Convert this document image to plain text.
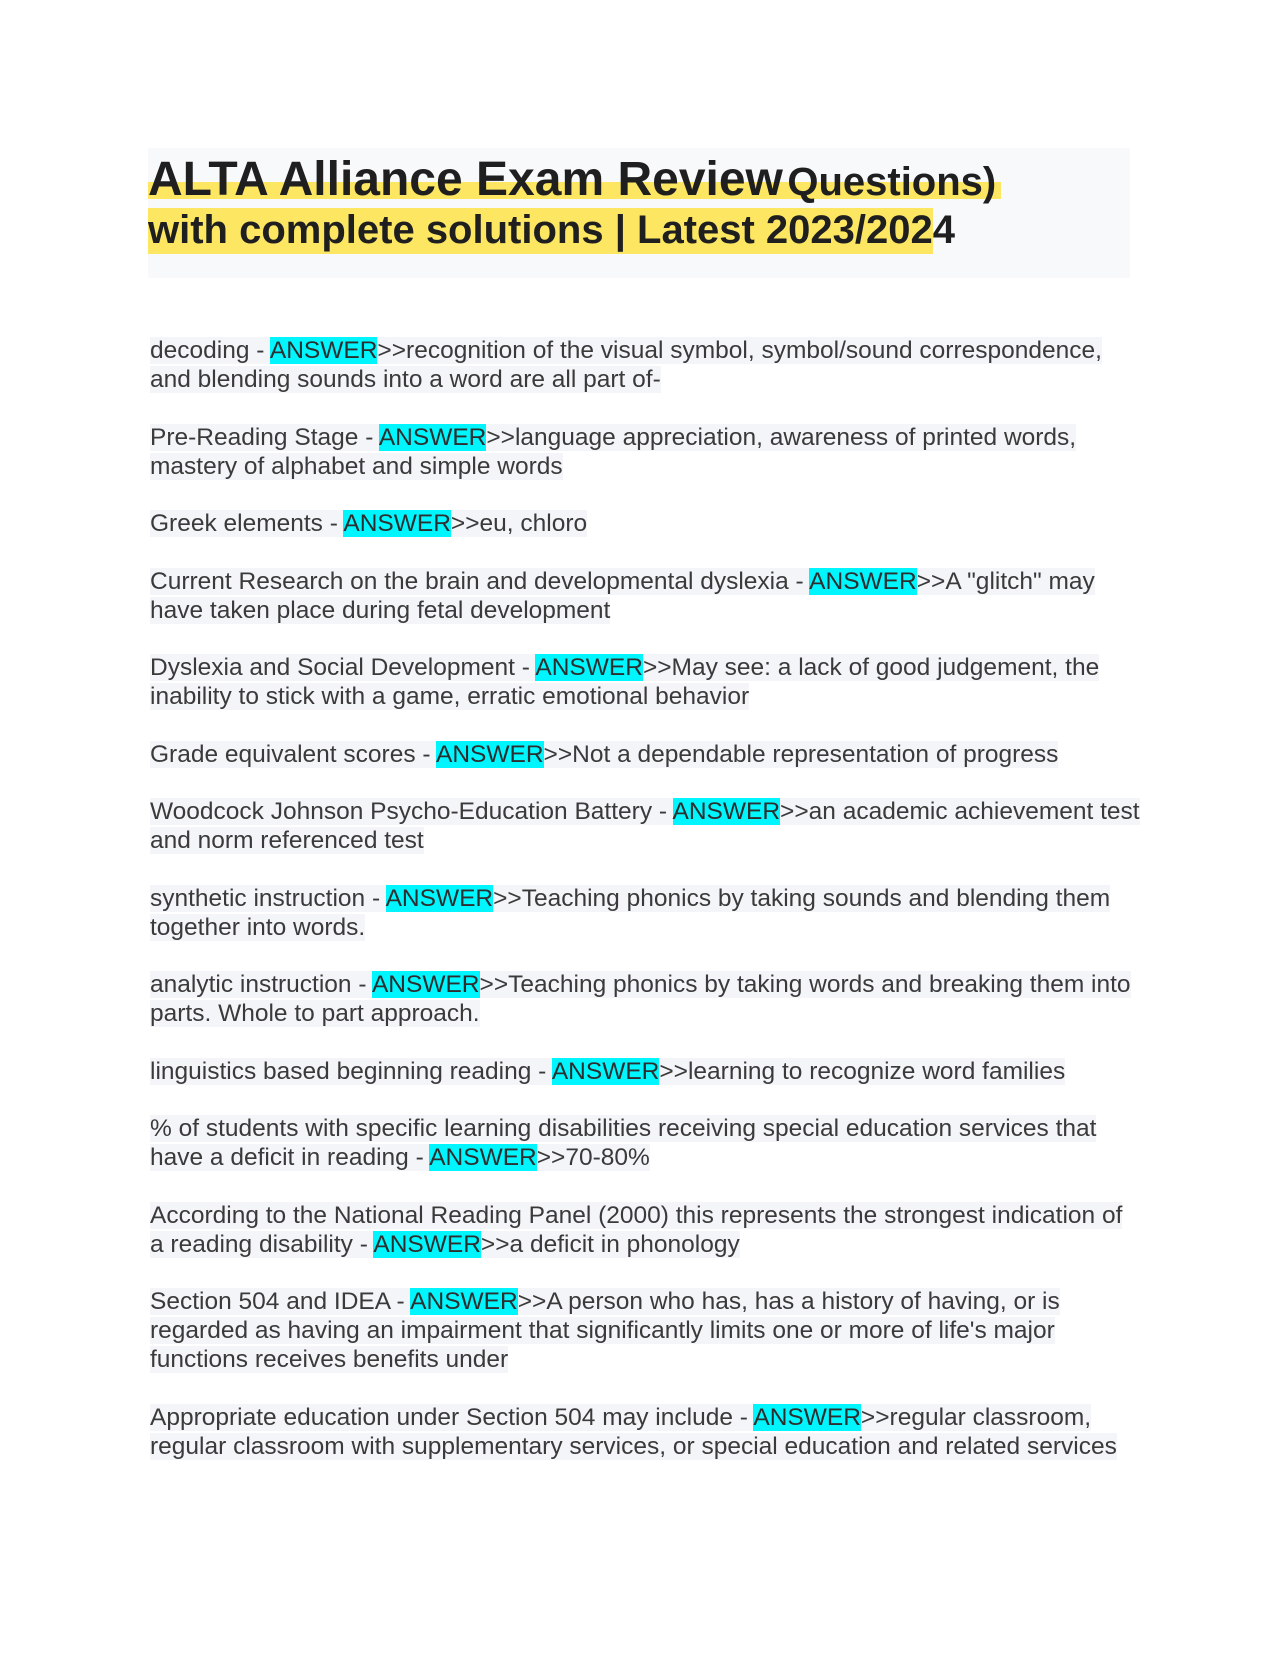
ALTA Alliance Exam Review Questions)
with complete solutions | Latest 2023/2024
decoding - ANSWER>>recognition of the visual symbol, symbol/sound correspondence, and blending sounds into a word are all part of-
Pre-Reading Stage - ANSWER>>language appreciation, awareness of printed words, mastery of alphabet and simple words
Greek elements - ANSWER>>eu, chloro
Current Research on the brain and developmental dyslexia - ANSWER>>A "glitch" may have taken place during fetal development
Dyslexia and Social Development - ANSWER>>May see: a lack of good judgement, the inability to stick with a game, erratic emotional behavior
Grade equivalent scores - ANSWER>>Not a dependable representation of progress
Woodcock Johnson Psycho-Education Battery - ANSWER>>an academic achievement test and norm referenced test
synthetic instruction - ANSWER>>Teaching phonics by taking sounds and blending them together into words.
analytic instruction - ANSWER>>Teaching phonics by taking words and breaking them into parts. Whole to part approach.
linguistics based beginning reading - ANSWER>>learning to recognize word families
% of students with specific learning disabilities receiving special education services that have a deficit in reading - ANSWER>>70-80%
According to the National Reading Panel (2000) this represents the strongest indication of a reading disability - ANSWER>>a deficit in phonology
Section 504 and IDEA - ANSWER>>A person who has, has a history of having, or is regarded as having an impairment that significantly limits one or more of life's major functions receives benefits under
Appropriate education under Section 504 may include - ANSWER>>regular classroom, regular classroom with supplementary services, or special education and related services
